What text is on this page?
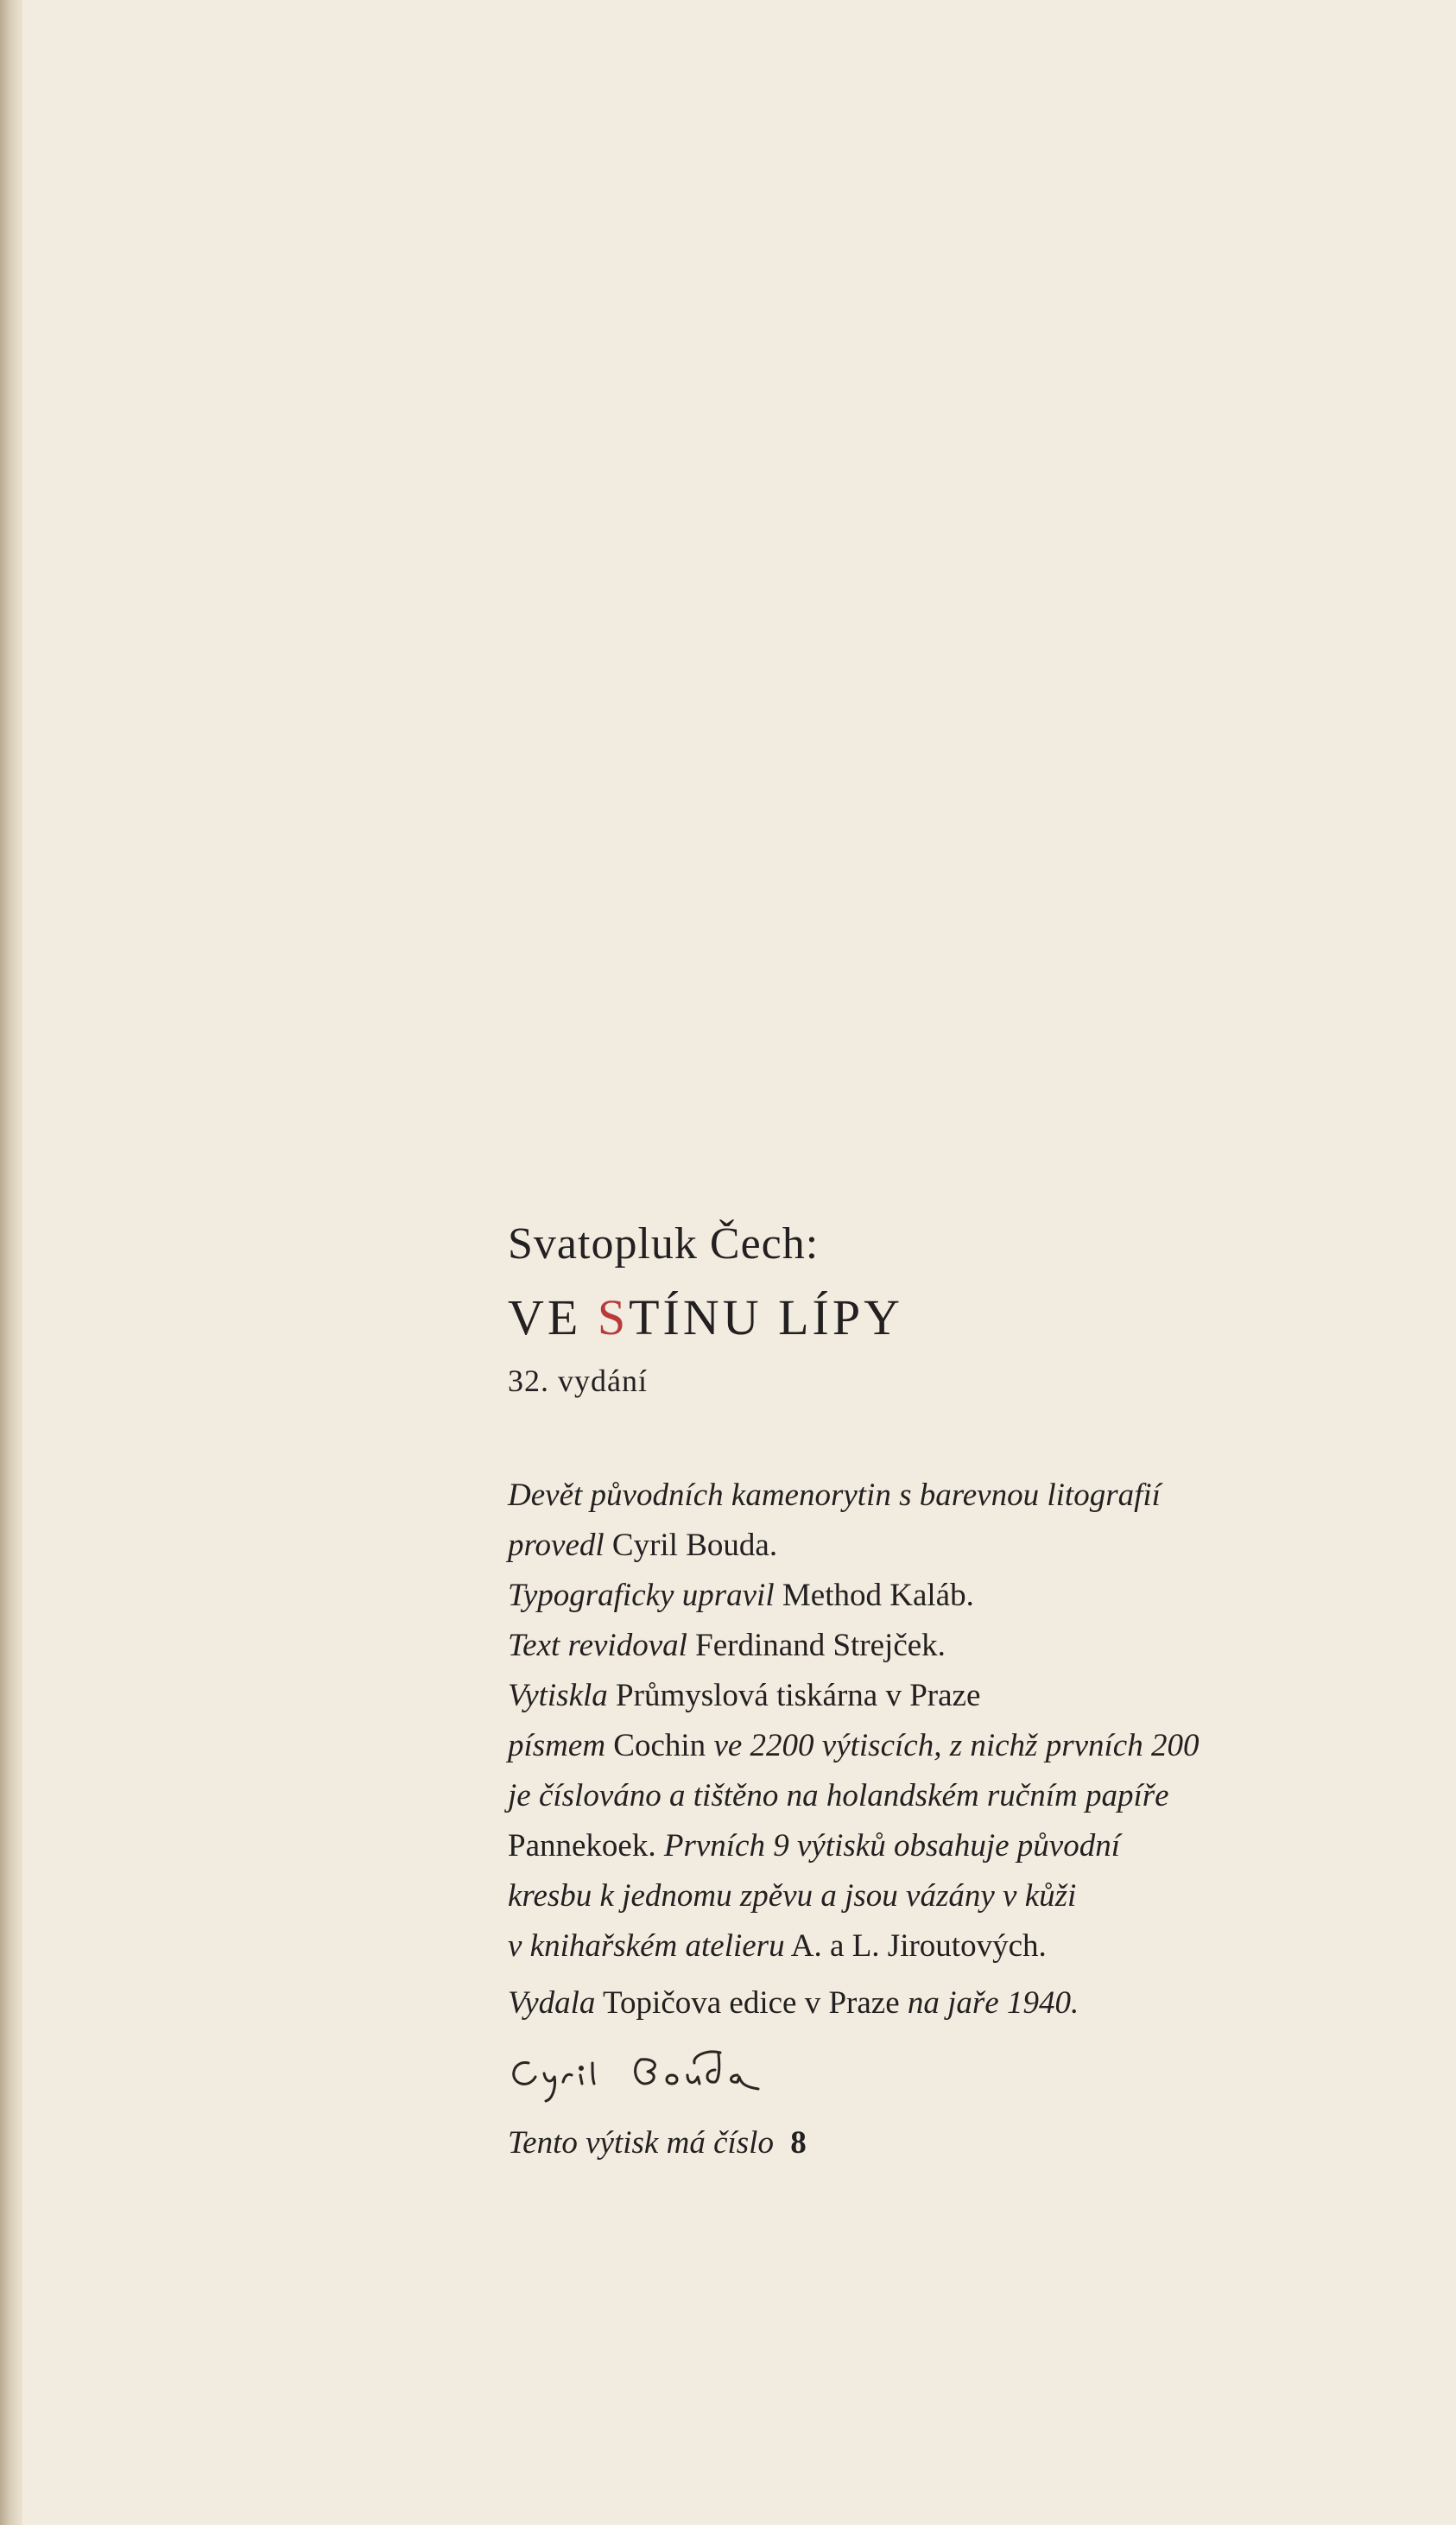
Svatopluk Čech:
VE STÍNU LÍPY
32. vydání
Devět původních kamenorytin s barevnou litografií
provedl Cyril Bouda.
Typograficky upravil Method Kaláb.
Text revidoval Ferdinand Strejček.
Vytiskla Průmyslová tiskárna v Praze
písmem Cochin ve 2200 výtiscích, z nichž prvních 200
je číslováno a tištěno na holandském ručním papíře
Pannekoek. Prvních 9 výtisků obsahuje původní
kresbu k jednomu zpěvu a jsou vázány v kůži
v knihařském atelieru A. a L. Jiroutových.
Vydala Topičova edice v Praze na jaře 1940.
Tento výtisk má číslo 8
